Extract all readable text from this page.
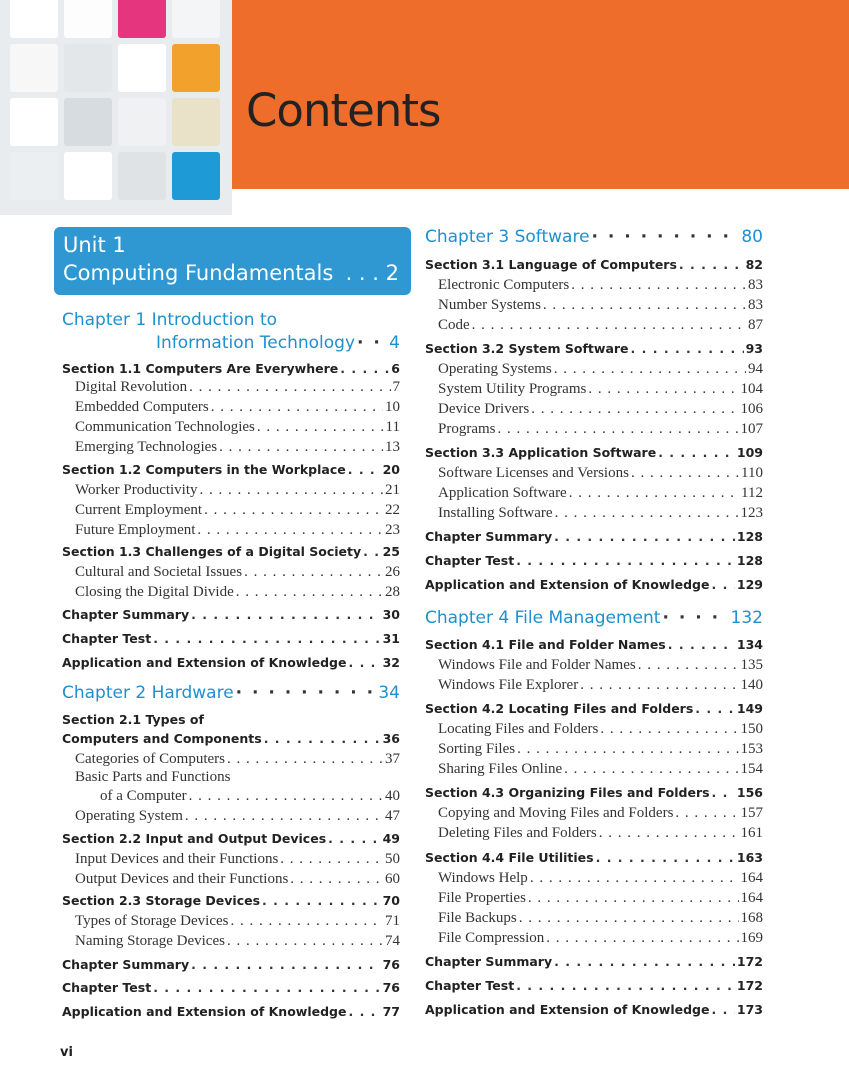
Contents
Unit 1
Computing Fundamentals . . . 2
Chapter 1 Introduction to
Information Technology · · · 4
Section 1.1 Computers Are Everywhere . . .	6
Digital Revolution . . .	7
Embedded Computers . . .	10
Communication Technologies . . .	11
Emerging Technologies . . .	13
Section 1.2 Computers in the Workplace . . .	20
Worker Productivity . . .	21
Current Employment . . .	22
Future Employment . . .	23
Section 1.3 Challenges of a Digital Society . . . 25
Cultural and Societal Issues . . .	26
Closing the Digital Divide . . .	28
Chapter Summary . . .	30
Chapter Test . . .	31
Application and Extension of Knowledge . . .	32
Chapter 2 Hardware · · ·	34
Section 2.1 Types of
Computers and Components . . .	36
Categories of Computers . . .	37
Basic Parts and Functions
of a Computer . . .	40
Operating System . . .	47
Section 2.2 Input and Output Devices . . .	49
Input Devices and their Functions . . .	50
Output Devices and their Functions . . .	60
Section 2.3 Storage Devices . . .	70
Types of Storage Devices . . .	71
Naming Storage Devices . . .	74
Chapter Summary . . .	76
Chapter Test . . .	76
Application and Extension of Knowledge . . .	77
Chapter 3 Software · · ·	80
Section 3.1 Language of Computers . . .	82
Electronic Computers . . .	83
Number Systems . . .	83
Code . . .	87
Section 3.2 System Software . . .	93
Operating Systems . . .	94
System Utility Programs . . .	104
Device Drivers . . .	106
Programs . . .	107
Section 3.3 Application Software . . .	109
Software Licenses and Versions . . .	110
Application Software . . .	112
Installing Software . . .	123
Chapter Summary . . .	128
Chapter Test . . .	128
Application and Extension of Knowledge . . . 129
Chapter 4 File Management · · ·	132
Section 4.1 File and Folder Names . . .	134
Windows File and Folder Names . . .	135
Windows File Explorer . . .	140
Section 4.2 Locating Files and Folders . . .	149
Locating Files and Folders . . .	150
Sorting Files . . .	153
Sharing Files Online . . .	154
Section 4.3 Organizing Files and Folders . . . 156
Copying and Moving Files and Folders . . .	157
Deleting Files and Folders . . .	161
Section 4.4 File Utilities . . .	163
Windows Help . . .	164
File Properties . . .	164
File Backups . . .	168
File Compression . . .	169
Chapter Summary . . .	172
Chapter Test . . .	172
Application and Extension of Knowledge . . . 173
vi
